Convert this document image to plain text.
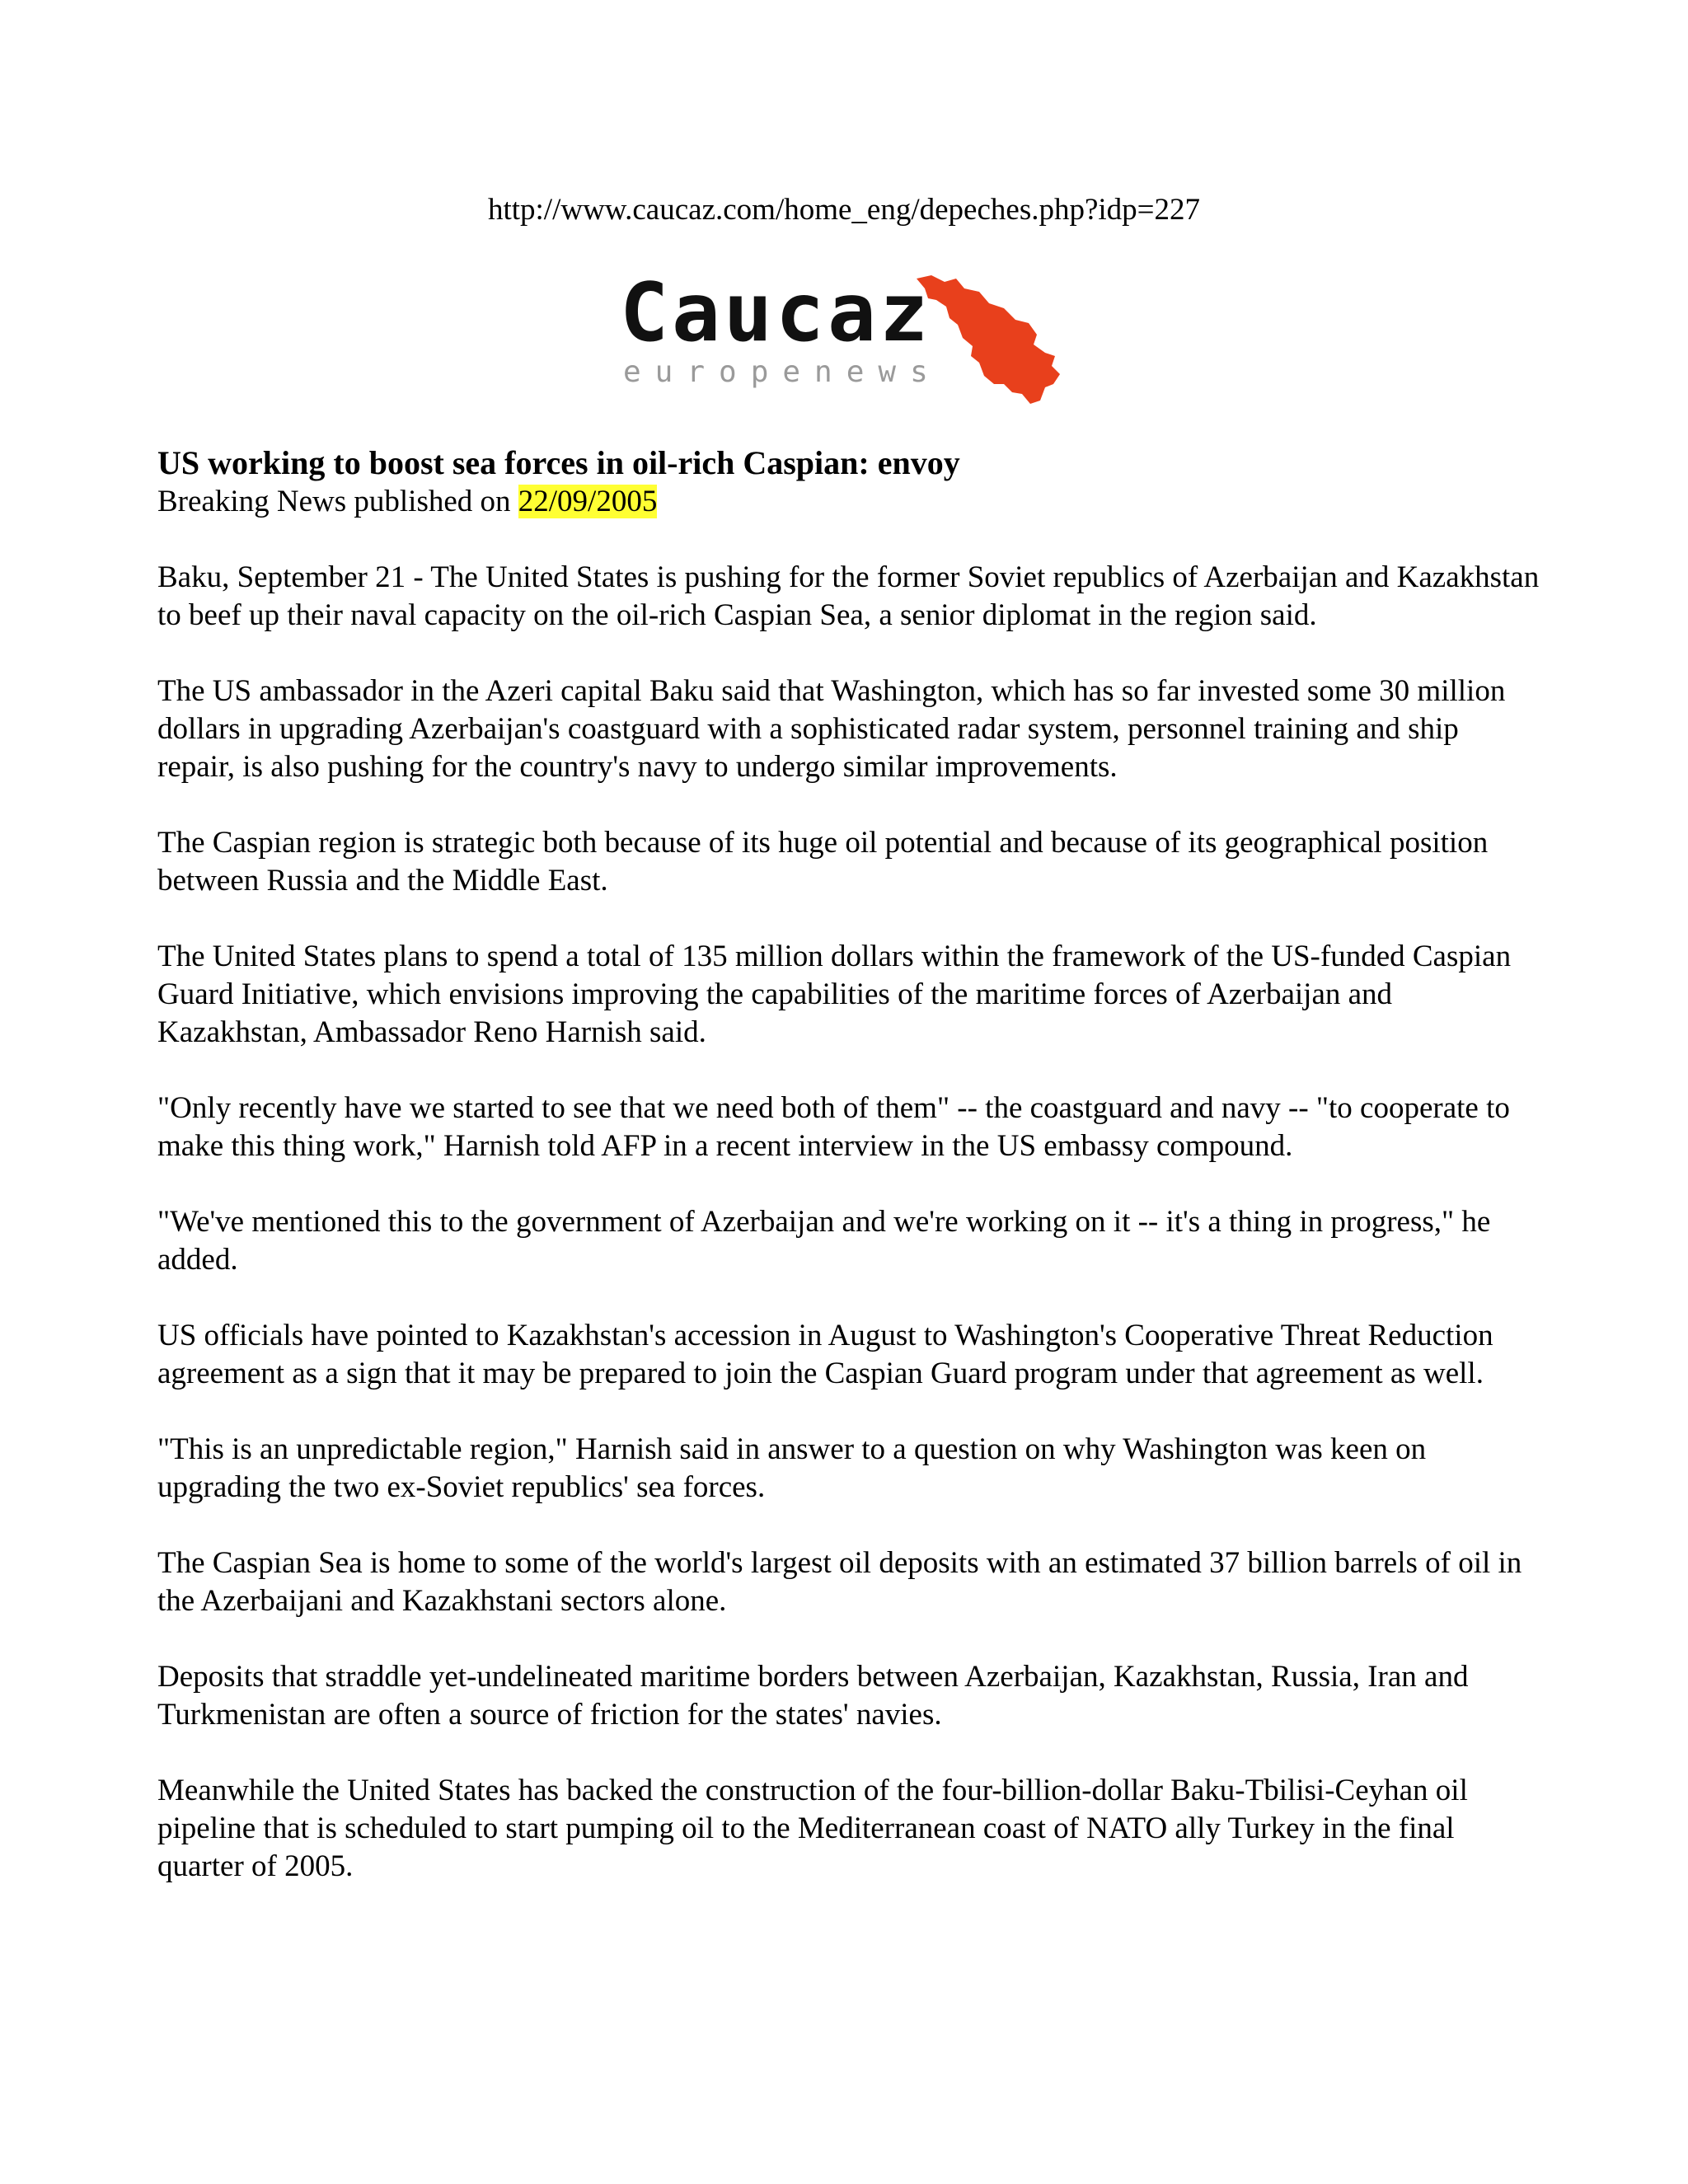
http://www.caucaz.com/home_eng/depeches.php?idp=227
Caucaz
europenews
US working to boost sea forces in oil-rich Caspian: envoy

Breaking News published on 22/09/2005

Baku, September 21 - The United States is pushing for the former Soviet republics of Azerbaijan and Kazakhstan to beef up their naval capacity on the oil-rich Caspian Sea, a senior diplomat in the region said.

The US ambassador in the Azeri capital Baku said that Washington, which has so far invested some 30 million dollars in upgrading Azerbaijan's coastguard with a sophisticated radar system, personnel training and ship repair, is also pushing for the country's navy to undergo similar improvements.

The Caspian region is strategic both because of its huge oil potential and because of its geographical position between Russia and the Middle East.

The United States plans to spend a total of 135 million dollars within the framework of the US-funded Caspian Guard Initiative, which envisions improving the capabilities of the maritime forces of Azerbaijan and Kazakhstan, Ambassador Reno Harnish said.

"Only recently have we started to see that we need both of them" -- the coastguard and navy -- "to cooperate to make this thing work," Harnish told AFP in a recent interview in the US embassy compound.

"We've mentioned this to the government of Azerbaijan and we're working on it -- it's a thing in progress," he added.

US officials have pointed to Kazakhstan's accession in August to Washington's Cooperative Threat Reduction agreement as a sign that it may be prepared to join the Caspian Guard program under that agreement as well.

"This is an unpredictable region," Harnish said in answer to a question on why Washington was keen on upgrading the two ex-Soviet republics' sea forces.

The Caspian Sea is home to some of the world's largest oil deposits with an estimated 37 billion barrels of oil in the Azerbaijani and Kazakhstani sectors alone.

Deposits that straddle yet-undelineated maritime borders between Azerbaijan, Kazakhstan, Russia, Iran and Turkmenistan are often a source of friction for the states' navies.

Meanwhile the United States has backed the construction of the four-billion-dollar Baku-Tbilisi-Ceyhan oil pipeline that is scheduled to start pumping oil to the Mediterranean coast of NATO ally Turkey in the final quarter of 2005.
